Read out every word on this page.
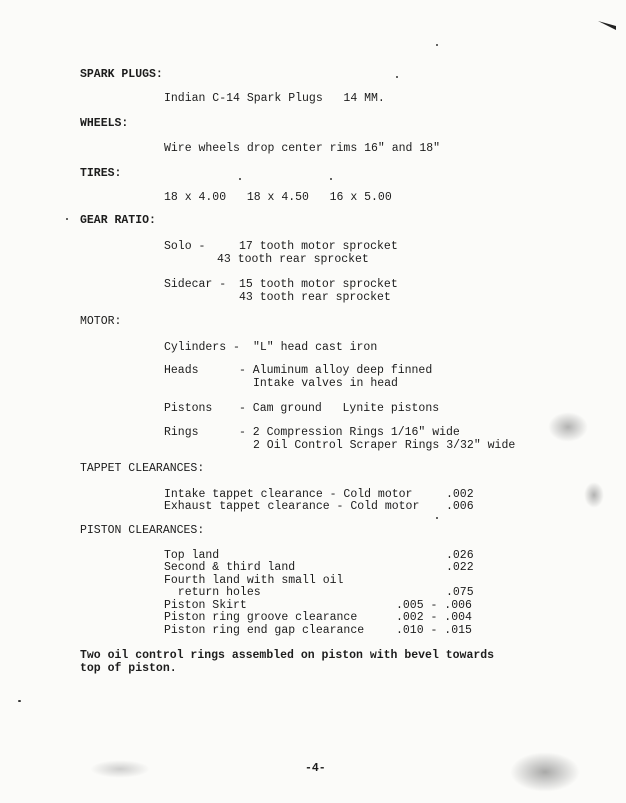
SPARK PLUGS:
Indian C-14 Spark Plugs   14 MM.
WHEELS:
Wire wheels drop center rims 16" and 18"
TIRES:
18 x 4.00   18 x 4.50   16 x 5.00
GEAR RATIO:
Solo - 17 tooth motor sprocket
43 tooth rear sprocket
Sidecar - 15 tooth motor sprocket
43 tooth rear sprocket
MOTOR:
Cylinders - "L" head cast iron
Heads	- Aluminum alloy deep finned
Intake valves in head
Pistons - Cam ground   Lynite pistons
Rings	- 2 Compression Rings 1/16" wide
2 Oil Control Scraper Rings 3/32" wide
TAPPET CLEARANCES:
Intake tappet clearance - Cold motor	.002
Exhaust tappet clearance - Cold motor .006
PISTON CLEARANCES:
Top land	.026
Second & third land	.022
Fourth land with small oil
return holes	.075
Piston Skirt	.005 - .006
Piston ring groove clearance	.002 - .004
Piston ring end gap clearance	.010 - .015
Two oil control rings assembled on piston with bevel towards
top of piston.
-4-
